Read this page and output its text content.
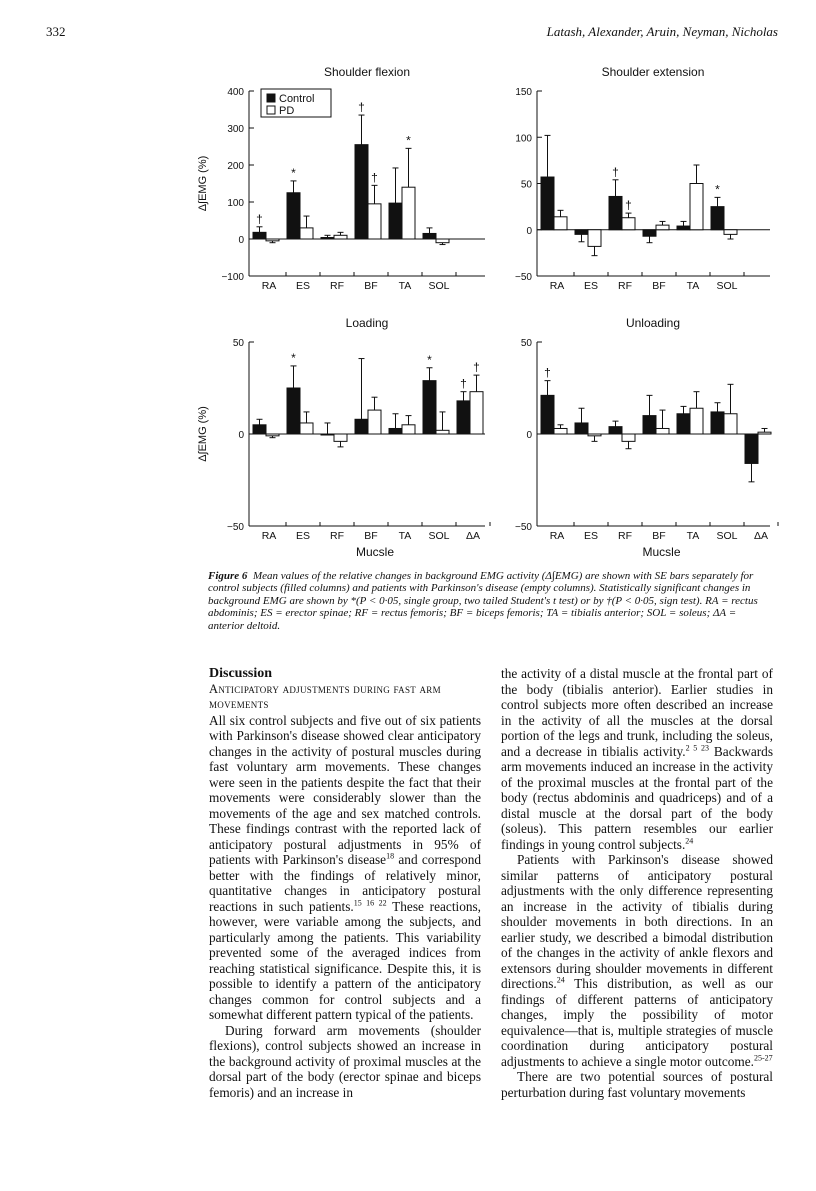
332	Latash, Alexander, Aruin, Neyman, Nicholas
Shoulder flexion
400
300
200
100
0
−100
Δ∫EMG (%)
RA
†
ES
*
RF BF
†
†
TA
*
SOL
Control
PD
Shoulder extension
150
100
50
0
−50
RA ES RF
†
†
BF TA SOL
*
Loading
50
0
−50
Δ∫EMG (%)
Mucsle
RA ES
*
RF BF TA SOL
*
ΔA
†
†
Unloading
50
0
−50
Mucsle
RA
†
ES RF BF TA SOL ΔA
Figure 6 Mean values of the relative changes in background EMG activity (Δ∫EMG) are shown with SE bars separately for control subjects (filled columns) and patients with Parkinson's disease (empty columns). Statistically significant changes in background EMG are shown by *(P < 0·05, single group, two tailed Student's t test) or by †(P < 0·05, sign test). RA = rectus abdominis; ES = erector spinae; RF = rectus femoris; BF = biceps femoris; TA = tibialis anterior; SOL = soleus; ΔA = anterior deltoid.
Discussion
Anticipatory adjustments during fast arm movements

All six control subjects and five out of six patients with Parkinson's disease showed clear anticipatory changes in the activity of postural muscles during fast voluntary arm movements. These changes were seen in the patients despite the fact that their movements were considerably slower than the movements of the age and sex matched controls. These findings contrast with the reported lack of anticipatory postural adjustments in 95% of patients with Parkinson's disease$^{18}$ and correspond better with the findings of relatively minor, quantitative changes in anticipatory postural reactions in such patients.$^{15 16 22}$ These reactions, however, were variable among the subjects, and particularly among the patients. This variability prevented some of the averaged indices from reaching statistical significance. Despite this, it is possible to identify a pattern of the anticipatory changes common for control subjects and a somewhat different pattern typical of the patients.

During forward arm movements (shoulder flexions), control subjects showed an increase in the background activity of proximal muscles at the dorsal part of the body (erector spinae and biceps femoris) and an increase in

the activity of a distal muscle at the frontal part of the body (tibialis anterior). Earlier studies in control subjects more often described an increase in the activity of all the muscles at the dorsal portion of the legs and trunk, including the soleus, and a decrease in tibialis activity.$^{2 5 23}$ Backwards arm movements induced an increase in the activity of the proximal muscles at the frontal part of the body (rectus abdominis and quadriceps) and of a distal muscle at the dorsal part of the body (soleus). This pattern resembles our earlier findings in young control subjects.$^{24}$

Patients with Parkinson's disease showed similar patterns of anticipatory postural adjustments with the only difference representing an increase in the activity of tibialis during shoulder movements in both directions. In an earlier study, we described a bimodal distribution of the changes in the activity of ankle flexors and extensors during shoulder movements in different directions.$^{24}$ This distribution, as well as our findings of different patterns of anticipatory changes, imply the possibility of motor equivalence—that is, multiple strategies of muscle coordination during anticipatory postural adjustments to achieve a single motor outcome.$^{25-27}$

There are two potential sources of postural perturbation during fast voluntary movements
